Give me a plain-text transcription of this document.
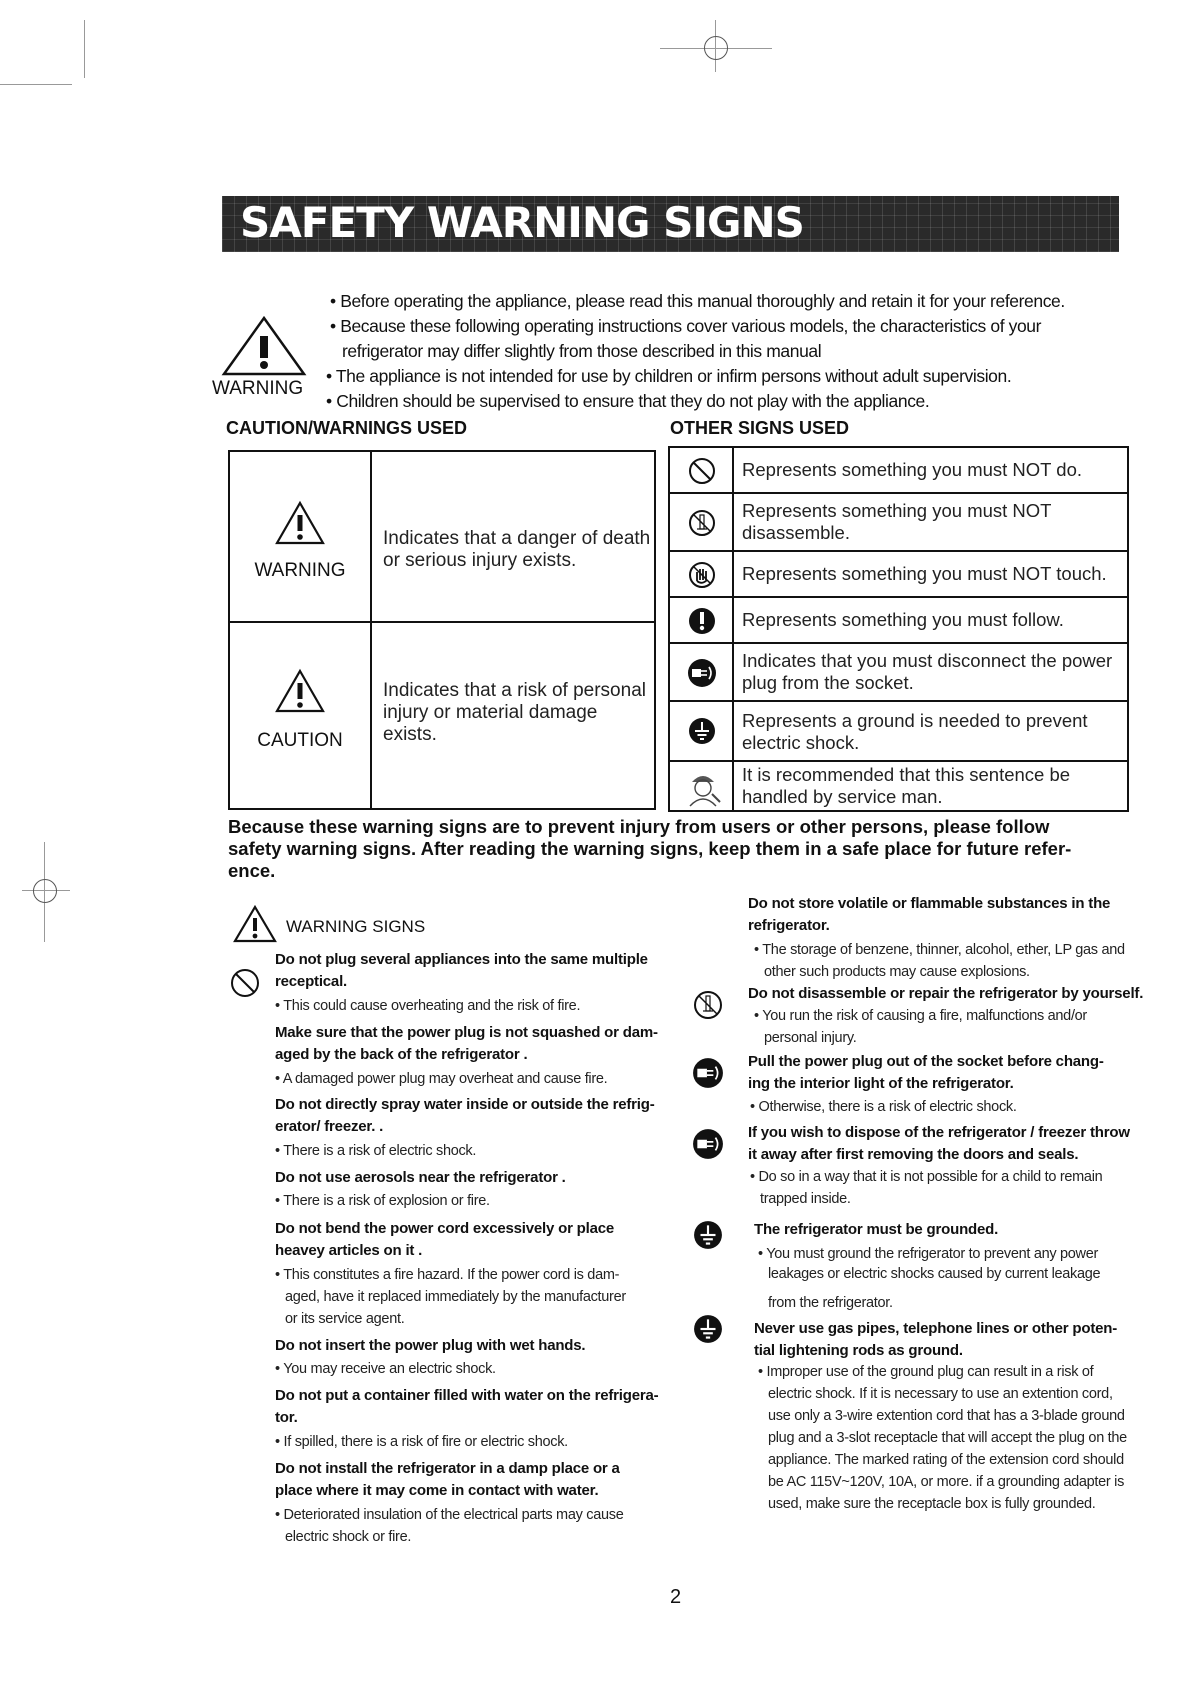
SAFETY WARNING SIGNS
WARNING
• Before operating the appliance, please read this manual thoroughly and retain it for your reference.
• Because these following operating instructions cover various models, the characteristics of your
refrigerator may differ slightly from those described in this manual
• The appliance is not intended for use by children or infirm persons without adult supervision.
• Children should be supervised to ensure that they do not play with the appliance.
CAUTION/WARNINGS USED	OTHER SIGNS USED
WARNING
Indicates that a danger of death or serious injury exists.
CAUTION
Indicates that a risk of personal injury or material damage exists.
Represents something you must NOT do.
Represents something you must NOT disassemble.
Represents something you must NOT touch.
Represents something you must follow.
Indicates that you must disconnect the power plug from the socket.
Represents a ground is needed to prevent electric shock.
It is recommended that this sentence be handled by service man.
Because these warning signs are to prevent injury from users or other persons, please follow
safety warning signs. After reading the warning signs, keep them in a safe place for future refer-
ence.
WARNING SIGNS
Do not plug several appliances into the same multiple
receptical.
• This could cause overheating and the risk of fire.
Make sure that the power plug is not squashed or dam-
aged by the back of the refrigerator .
• A damaged power plug may overheat and cause fire.
Do not directly spray water inside or outside the refrig-
erator/ freezer. .
• There is a risk of electric shock.
Do not use aerosols near the refrigerator .
• There is a risk of explosion or fire.
Do not bend the power cord excessively or place
heavey articles on it .
• This constitutes a fire hazard. If the power cord is dam-
aged, have it replaced immediately by the manufacturer
or its service agent.
Do not insert the power plug with wet hands.
• You may receive an electric shock.
Do not put a container filled with water on the refrigera-
tor.
• If spilled, there is a risk of fire or electric shock.
Do not install the refrigerator in a damp place or a
place where it may come in contact with water.
• Deteriorated insulation of the electrical parts may cause
electric shock or fire.
Do not store volatile or flammable substances in the
refrigerator.
• The storage of benzene, thinner, alcohol, ether, LP gas and
other such products may cause explosions.
Do not disassemble or repair the refrigerator by yourself.
• You run the risk of causing a fire, malfunctions and/or
personal injury.
Pull the power plug out of the socket before chang-
ing the interior light of the refrigerator.
• Otherwise, there is a risk of electric shock.
If you wish to dispose of the refrigerator / freezer throw
it away after first removing the doors and seals.
• Do so in a way that it is not possible for a child to remain
trapped inside.
The refrigerator must be grounded.
• You must ground the refrigerator to prevent any power
leakages or electric shocks caused by current leakage
from the refrigerator.
Never use gas pipes, telephone lines or other poten-
tial lightening rods as ground.
• Improper use of the ground plug can result in a risk of
electric shock. If it is necessary to use an extention cord,
use only a 3-wire extention cord that has a 3-blade ground
plug and a 3-slot receptacle that will accept the plug on the
appliance. The marked rating of the extension cord should
be AC 115V~120V, 10A, or more. if a grounding adapter is
used, make sure the receptacle box is fully grounded.
2
